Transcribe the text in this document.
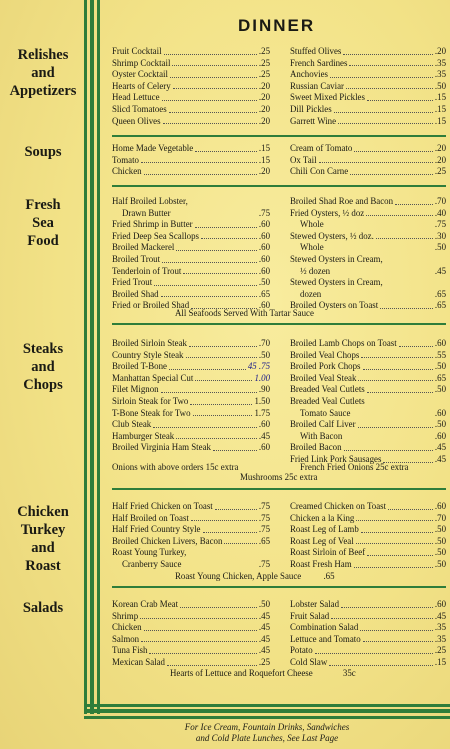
DINNER
Relishes
and
Appetizers
Soups
Fresh
Sea
Food
Steaks
and
Chops
Chicken
Turkey
and
Roast
Salads
Fruit Cocktail	.25
Shrimp Cocktail	.25
Oyster Cocktail	.25
Hearts of Celery	.20
Head Lettuce	.20
Slicd Tomatoes	.20
Queen Olives	.20
Stuffed Olives	.20
French Sardines	.35
Anchovies	.35
Russian Caviar	.50
Sweet Mixed Pickles	.15
Dill Pickles	.15
Garrett Wine	.15
Home Made Vegetable	.15
Tomato	.15
Chicken	.20
Cream of Tomato	.20
Ox Tail	.20
Chili Con Carne	.25
Half Broiled Lobster,
Drawn Butter	.75
Fried Shrimp in Butter	.60
Fried Deep Sea Scallops	.60
Broiled Mackerel	.60
Broiled Trout	.60
Tenderloin of Trout	.60
Fried Trout	.50
Broiled Shad	.65
Fried or Broiled Shad	.60
Broiled Shad Roe and Bacon	.70
Fried Oysters, ½ doz	.40
Whole	.75
Stewed Oysters, ½ doz.	.30
Whole	.50
Stewed Oysters in Cream,
½ dozen	.45
Stewed Oysters in Cream,
dozen	.65
Broiled Oysters on Toast	.65
All Seafoods Served With Tartar Sauce
Broiled Sirloin Steak	.70
Country Style Steak	.50
Broiled T-Bone	45 .75
Manhattan Special Cut	1.00
Filet Mignon	.90
Sirloin Steak for Two	1.50
T-Bone Steak for Two	1.75
Club Steak	.60
Hamburger Steak	.45
Broiled Virginia Ham Steak	.60
Broiled Lamb Chops on Toast	.60
Broiled Veal Chops	.55
Broiled Pork Chops	.50
Broiled Veal Steak	.65
Breaded Veal Cutlets	.50
Breaded Veal Cutlets
Tomato Sauce	.60
Broiled Calf Liver	.50
With Bacon	.60
Broiled Bacon	.45
Fried Link Pork Sausages	.45
Onions with above orders 15c extra	French Fried Onions 25c extra
Mushrooms 25c extra
Half Fried Chicken on Toast	.75
Half Broiled on Toast	.75
Half Fried Country Style	.75
Broiled Chicken Livers, Bacon	.65
Roast Young Turkey,
Cranberry Sauce	.75
Creamed Chicken on Toast	.60
Chicken a la King	.70
Roast Leg of Lamb	.50
Roast Leg of Veal	.50
Roast Sirloin of Beef	.50
Roast Fresh Ham	.50
Roast Young Chicken, Apple Sauce .65
Korean Crab Meat	.50
Shrimp	.45
Chicken	.45
Salmon	.45
Tuna Fish	.45
Mexican Salad	.25
Lobster Salad	.60
Fruit Salad	.45
Combination Salad	.35
Lettuce and Tomato	.35
Potato	.25
Cold Slaw	.15
Hearts of Lettuce and Roquefort Cheese	35c
For Ice Cream, Fountain Drinks, Sandwiches
and Cold Plate Lunches, See Last Page
